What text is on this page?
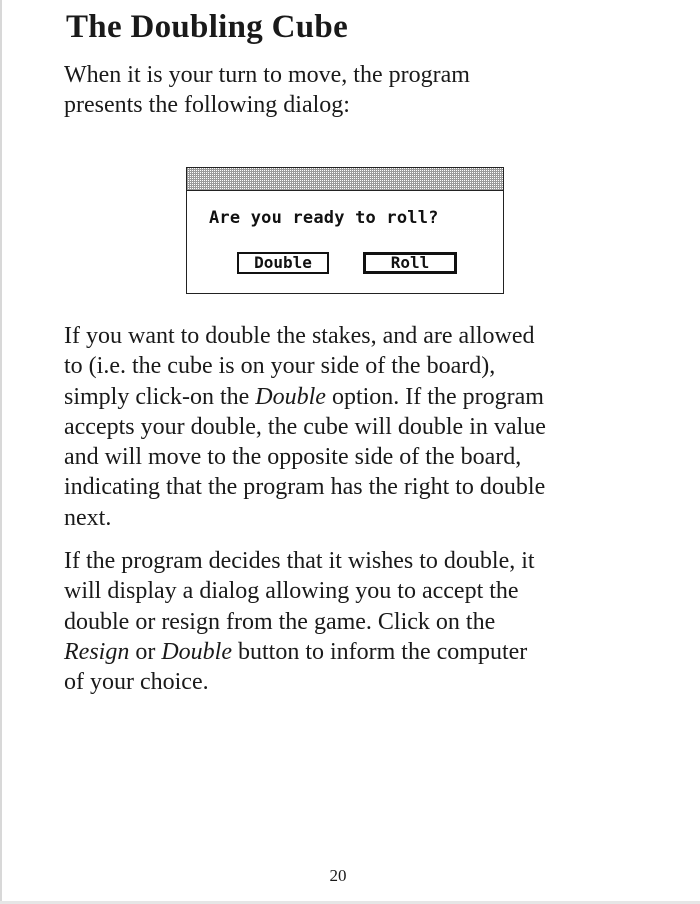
The Doubling Cube

When it is your turn to move, the program
presents the following dialog:

Are you ready to roll?

Double	Roll

If you want to double the stakes, and are allowed
to (i.e. the cube is on your side of the board),
simply click-on the Double option. If the program
accepts your double, the cube will double in value
and will move to the opposite side of the board,
indicating that the program has the right to double
next.

If the program decides that it wishes to double, it
will display a dialog allowing you to accept the
double or resign from the game. Click on the
Resign or Double button to inform the computer
of your choice.

20
